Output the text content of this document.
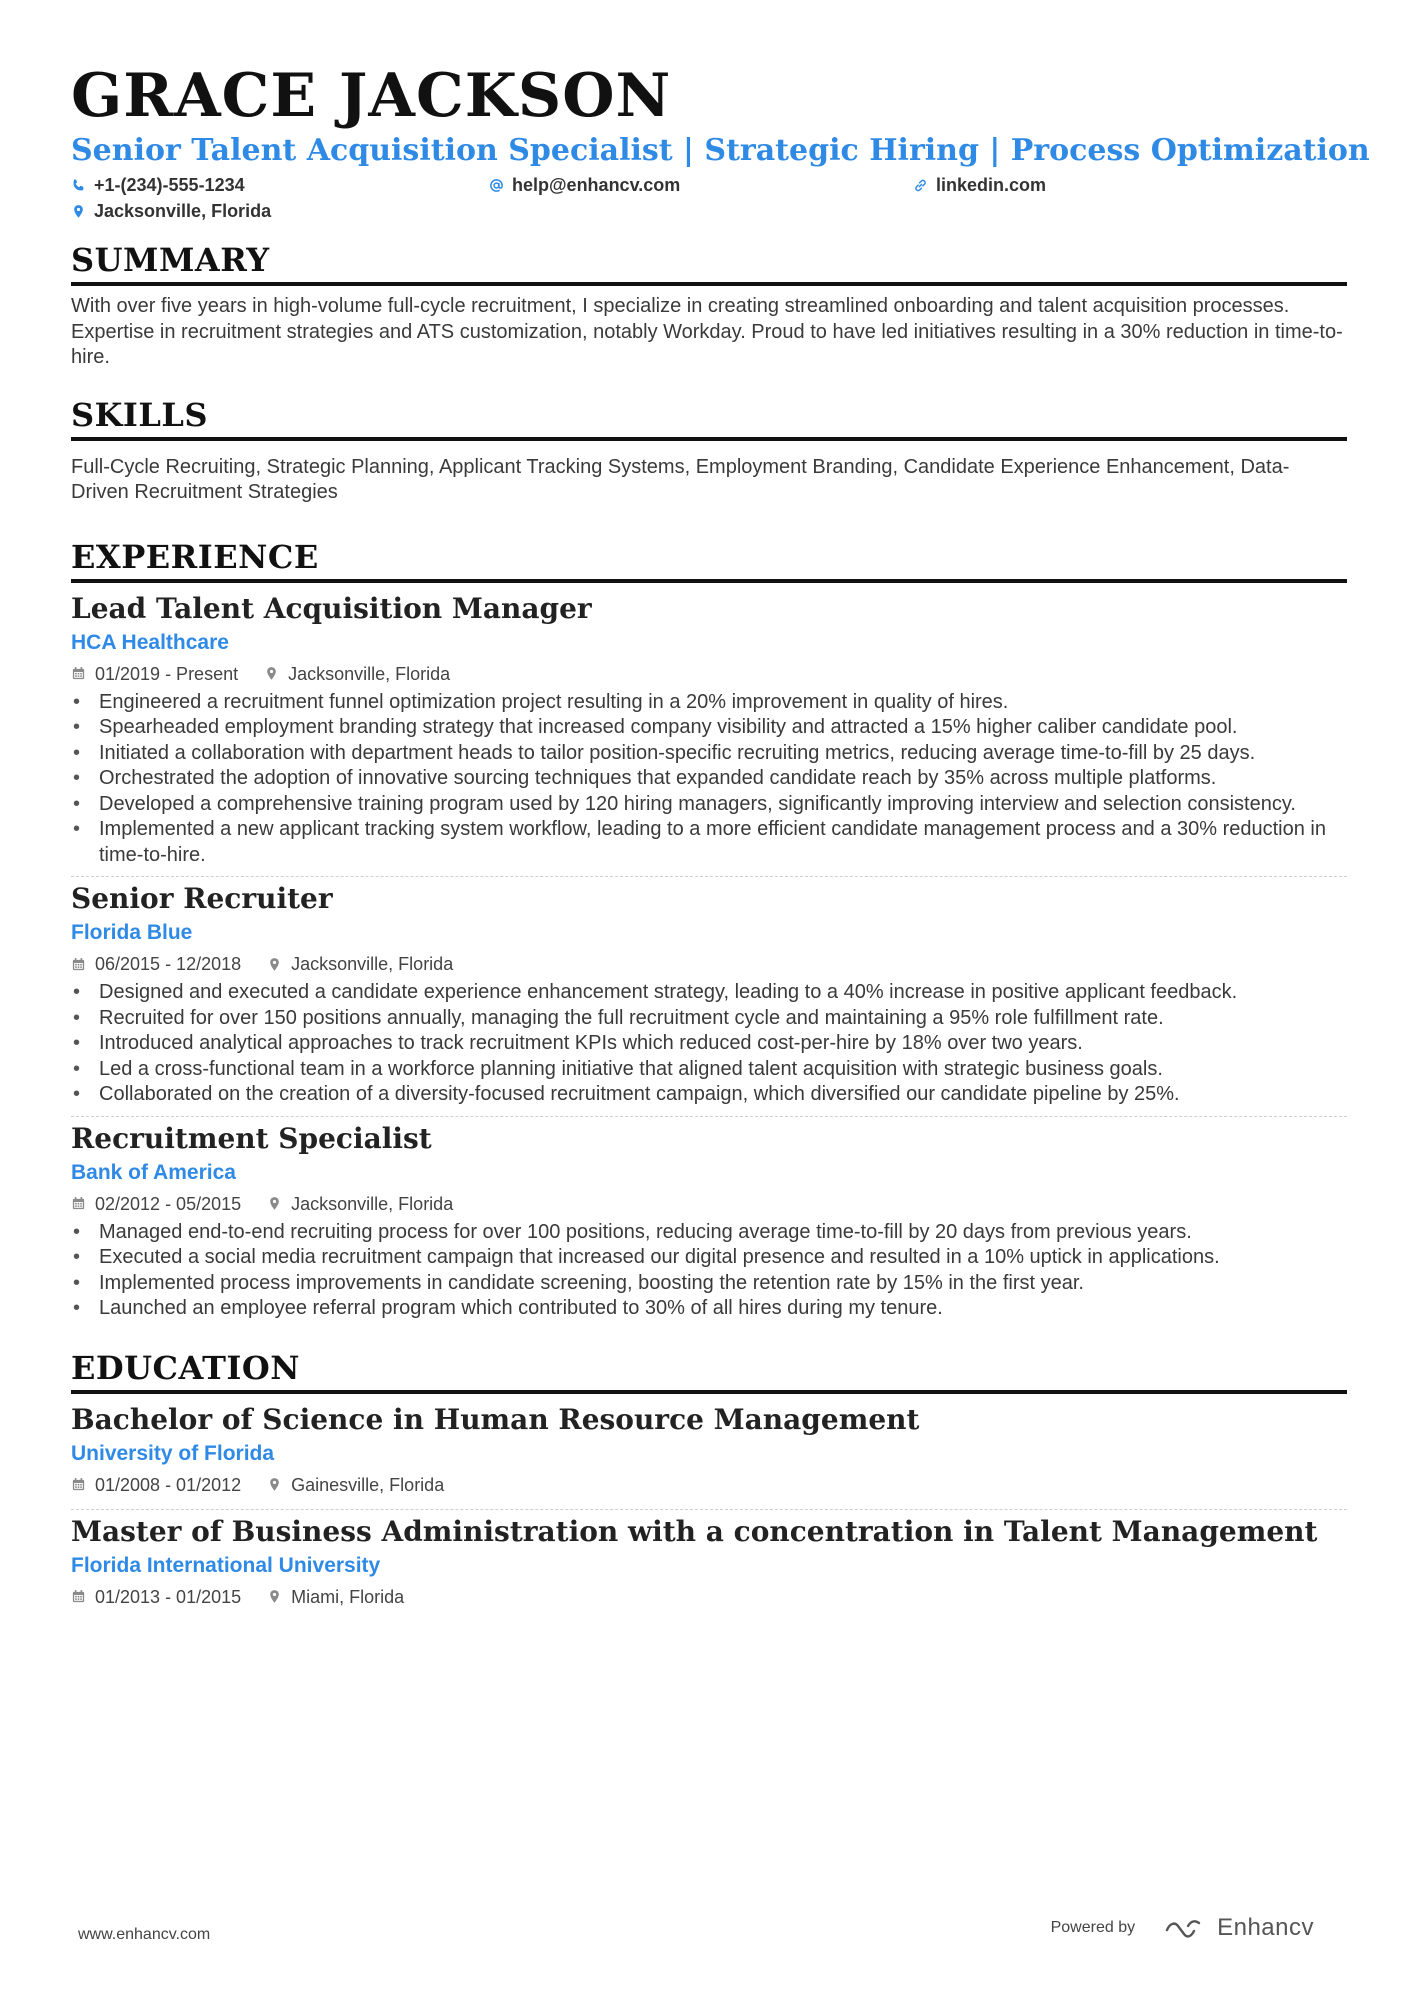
GRACE JACKSON
Senior Talent Acquisition Specialist | Strategic Hiring | Process Optimization
+1-(234)-555-1234	help@enhancv.com	linkedin.com
Jacksonville, Florida
SUMMARY

With over five years in high-volume full-cycle recruitment, I specialize in creating streamlined onboarding and talent acquisition processes. Expertise in recruitment strategies and ATS customization, notably Workday. Proud to have led initiatives resulting in a 30% reduction in time-to-hire.

SKILLS

Full-Cycle Recruiting, Strategic Planning, Applicant Tracking Systems, Employment Branding, Candidate Experience Enhancement, Data-Driven Recruitment Strategies

EXPERIENCE
Lead Talent Acquisition Manager
HCA Healthcare
01/2019 - Present	Jacksonville, Florida
• Engineered a recruitment funnel optimization project resulting in a 20% improvement in quality of hires.
• Spearheaded employment branding strategy that increased company visibility and attracted a 15% higher caliber candidate pool.
• Initiated a collaboration with department heads to tailor position-specific recruiting metrics, reducing average time-to-fill by 25 days.
• Orchestrated the adoption of innovative sourcing techniques that expanded candidate reach by 35% across multiple platforms.
• Developed a comprehensive training program used by 120 hiring managers, significantly improving interview and selection consistency.
• Implemented a new applicant tracking system workflow, leading to a more efficient candidate management process and a 30% reduction in time-to-hire.
Senior Recruiter
Florida Blue
06/2015 - 12/2018	Jacksonville, Florida
• Designed and executed a candidate experience enhancement strategy, leading to a 40% increase in positive applicant feedback.
• Recruited for over 150 positions annually, managing the full recruitment cycle and maintaining a 95% role fulfillment rate.
• Introduced analytical approaches to track recruitment KPIs which reduced cost-per-hire by 18% over two years.
• Led a cross-functional team in a workforce planning initiative that aligned talent acquisition with strategic business goals.
• Collaborated on the creation of a diversity-focused recruitment campaign, which diversified our candidate pipeline by 25%.
Recruitment Specialist
Bank of America
02/2012 - 05/2015	Jacksonville, Florida
• Managed end-to-end recruiting process for over 100 positions, reducing average time-to-fill by 20 days from previous years.
• Executed a social media recruitment campaign that increased our digital presence and resulted in a 10% uptick in applications.
• Implemented process improvements in candidate screening, boosting the retention rate by 15% in the first year.
• Launched an employee referral program which contributed to 30% of all hires during my tenure.
EDUCATION
Bachelor of Science in Human Resource Management
University of Florida
01/2008 - 01/2012	Gainesville, Florida
Master of Business Administration with a concentration in Talent Management
Florida International University
01/2013 - 01/2015	Miami, Florida
www.enhancv.com	Powered by	Enhancv
